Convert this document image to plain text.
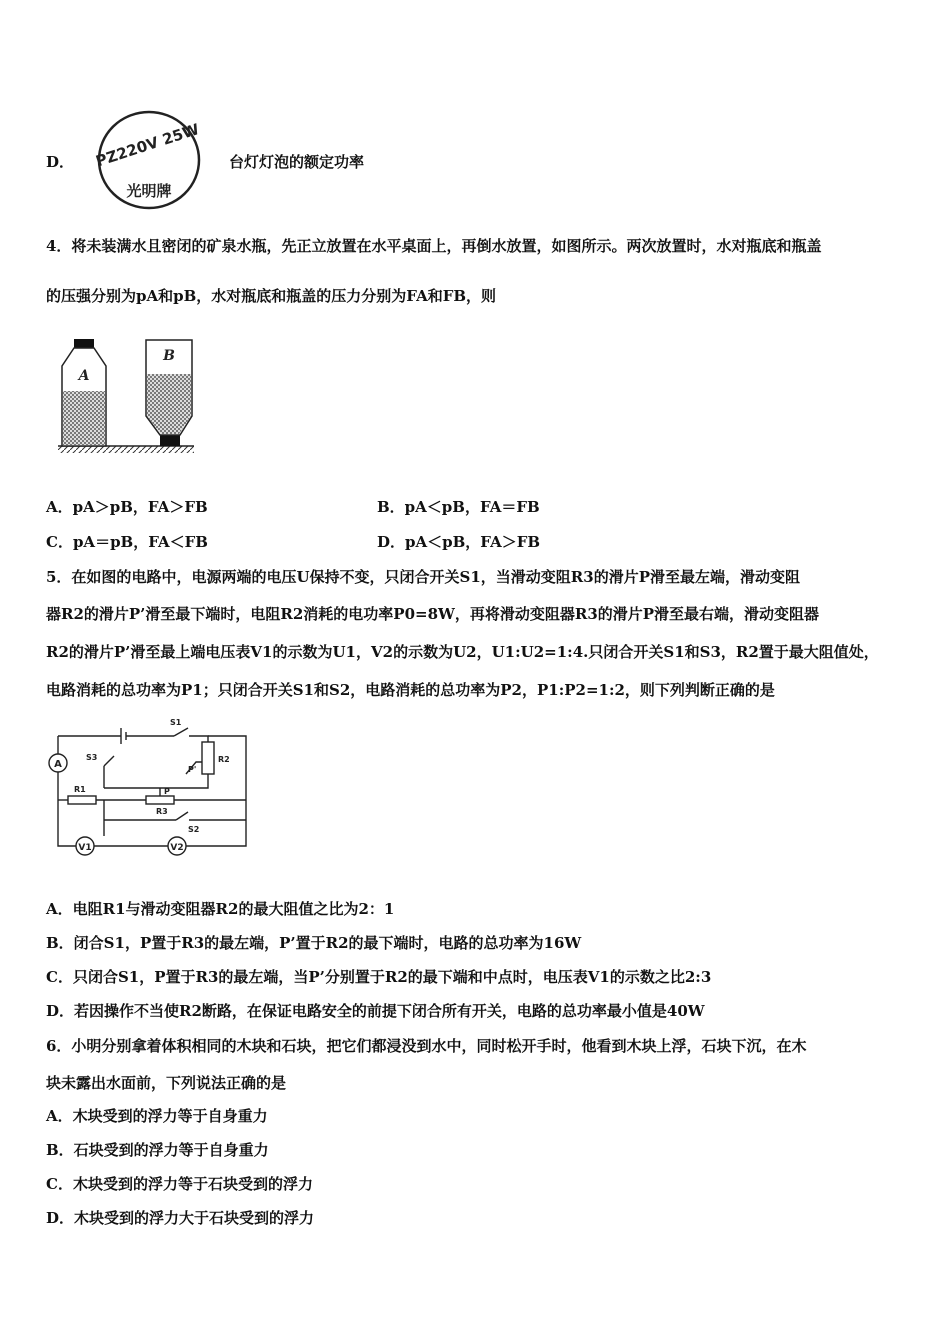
D． PZ220V 25W
光明牌
台灯灯泡的额定功率
4．将未装满水且密闭的矿泉水瓶，先正立放置在水平桌面上，再倒水放置，如图所示。两次放置时，水对瓶底和瓶盖
的压强分别为pA和pB，水对瓶底和瓶盖的压力分别为FA和FB，则
A
B
A．pA＞pB，FA＞FB	B．pA＜pB，FA＝FB
C．pA＝pB，FA＜FB	D．pA＜pB，FA＞FB
5．在如图的电路中，电源两端的电压U保持不变，只闭合开关S1，当滑动变阻R3的滑片P滑至最左端，滑动变阻
器R2的滑片P’滑至最下端时，电阻R2消耗的电功率P0=8W，再将滑动变阻器R3的滑片P滑至最右端，滑动变阻器
R2的滑片P’滑至最上端电压表V1的示数为U1，V2的示数为U2，U1:U2=1:4.只闭合开关S1和S3，R2置于最大阻值处，
电路消耗的总功率为P1；只闭合开关S1和S2，电路消耗的总功率为P2，P1:P2=1:2，则下列判断正确的是
A
V1	V2
S1
S3	R2
P'
R1	P
R3
S2
A．电阻R1与滑动变阻器R2的最大阻值之比为2：1
B．闭合S1，P置于R3的最左端，P’置于R2的最下端时，电路的总功率为16W
C．只闭合S1，P置于R3的最左端，当P’分别置于R2的最下端和中点时，电压表V1的示数之比2:3
D．若因操作不当使R2断路，在保证电路安全的前提下闭合所有开关，电路的总功率最小值是40W
6．小明分别拿着体积相同的木块和石块，把它们都浸没到水中，同时松开手时，他看到木块上浮，石块下沉，在木
块未露出水面前，下列说法正确的是
A．木块受到的浮力等于自身重力
B．石块受到的浮力等于自身重力
C．木块受到的浮力等于石块受到的浮力
D．木块受到的浮力大于石块受到的浮力
